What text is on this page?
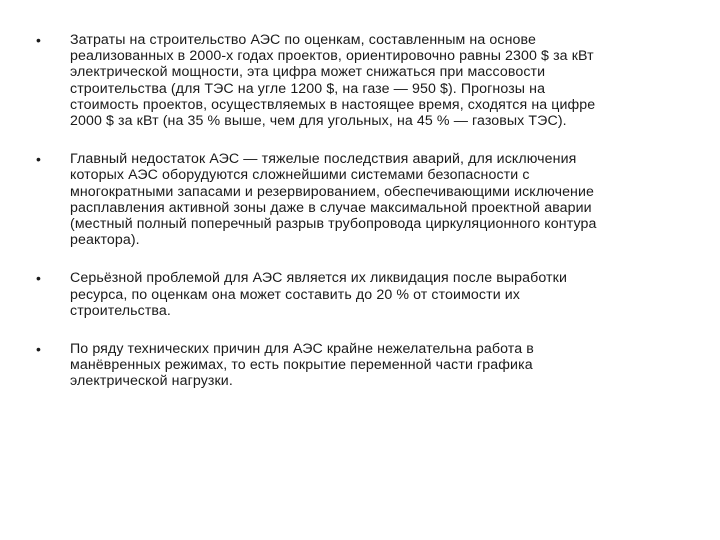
• Затраты на строительство АЭС по оценкам, составленным на основе реализованных в 2000-х годах проектов, ориентировочно равны 2300 $ за кВт электрической мощности, эта цифра может снижаться при массовости строительства (для ТЭС на угле 1200 $, на газе — 950 $). Прогнозы на стоимость проектов, осуществляемых в настоящее время, сходятся на цифре 2000 $ за кВт (на 35 % выше, чем для угольных, на 45 % — газовых ТЭС).
• Главный недостаток АЭС — тяжелые последствия аварий, для исключения которых АЭС оборудуются сложнейшими системами безопасности с многократными запасами и резервированием, обеспечивающими исключение расплавления активной зоны даже в случае максимальной проектной аварии (местный полный поперечный разрыв трубопровода циркуляционного контура реактора).
• Серьёзной проблемой для АЭС является их ликвидация после выработки ресурса, по оценкам она может составить до 20 % от стоимости их строительства.
• По ряду технических причин для АЭС крайне нежелательна работа в манёвренных режимах, то есть покрытие переменной части графика электрической нагрузки.
